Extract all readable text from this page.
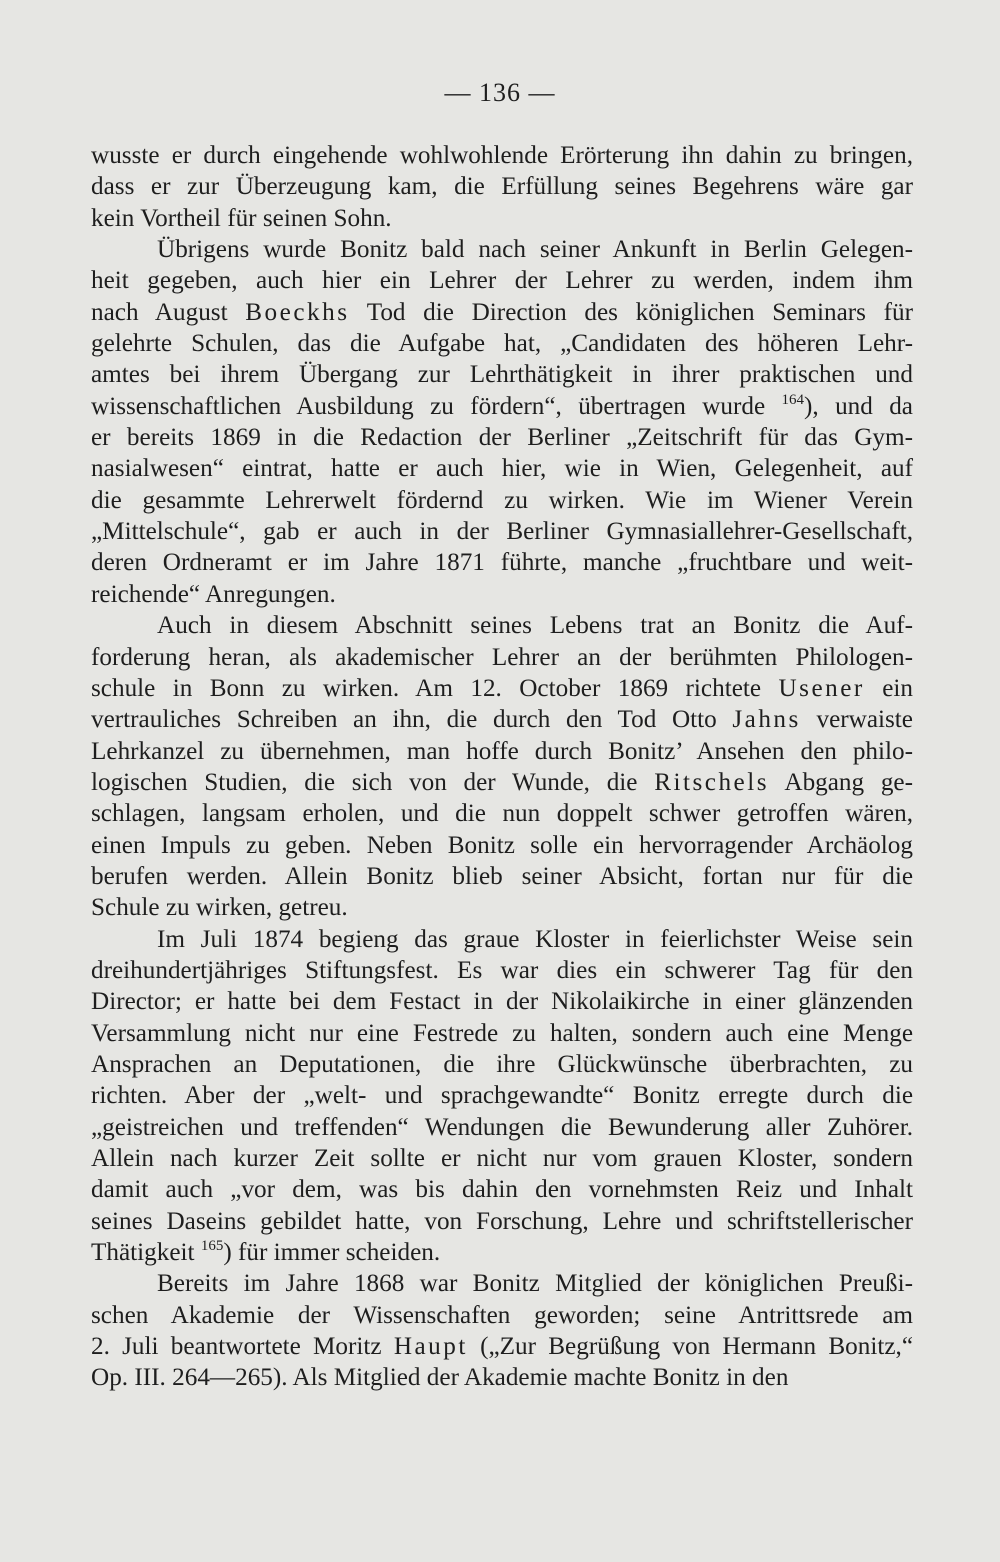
— 136 —
wusste er durch eingehende wohlwohlende Erörterung ihn dahin zu bringen,
dass er zur Überzeugung kam, die Erfüllung seines Begehrens wäre gar
kein Vortheil für seinen Sohn.
Übrigens wurde Bonitz bald nach seiner Ankunft in Berlin Gelegen-
heit gegeben, auch hier ein Lehrer der Lehrer zu werden, indem ihm
nach August Boeckhs Tod die Direction des königlichen Seminars für
gelehrte Schulen, das die Aufgabe hat, „Candidaten des höheren Lehr-
amtes bei ihrem Übergang zur Lehrthätigkeit in ihrer praktischen und
wissenschaftlichen Ausbildung zu fördern“, übertragen wurde $^{164}$), und da
er bereits 1869 in die Redaction der Berliner „Zeitschrift für das Gym-
nasialwesen“ eintrat, hatte er auch hier, wie in Wien, Gelegenheit, auf
die gesammte Lehrerwelt fördernd zu wirken. Wie im Wiener Verein
„Mittelschule“, gab er auch in der Berliner Gymnasiallehrer-Gesellschaft,
deren Ordneramt er im Jahre 1871 führte, manche „fruchtbare und weit-
reichende“ Anregungen.
Auch in diesem Abschnitt seines Lebens trat an Bonitz die Auf-
forderung heran, als akademischer Lehrer an der berühmten Philologen-
schule in Bonn zu wirken. Am 12. October 1869 richtete Usener ein
vertrauliches Schreiben an ihn, die durch den Tod Otto Jahns verwaiste
Lehrkanzel zu übernehmen, man hoffe durch Bonitz’ Ansehen den philo-
logischen Studien, die sich von der Wunde, die Ritschels Abgang ge-
schlagen, langsam erholen, und die nun doppelt schwer getroffen wären,
einen Impuls zu geben. Neben Bonitz solle ein hervorragender Archäolog
berufen werden. Allein Bonitz blieb seiner Absicht, fortan nur für die
Schule zu wirken, getreu.
Im Juli 1874 begieng das graue Kloster in feierlichster Weise sein
dreihundertjähriges Stiftungsfest. Es war dies ein schwerer Tag für den
Director; er hatte bei dem Festact in der Nikolaikirche in einer glänzenden
Versammlung nicht nur eine Festrede zu halten, sondern auch eine Menge
Ansprachen an Deputationen, die ihre Glückwünsche überbrachten, zu
richten. Aber der „welt- und sprachgewandte“ Bonitz erregte durch die
„geistreichen und treffenden“ Wendungen die Bewunderung aller Zuhörer.
Allein nach kurzer Zeit sollte er nicht nur vom grauen Kloster, sondern
damit auch „vor dem, was bis dahin den vornehmsten Reiz und Inhalt
seines Daseins gebildet hatte, von Forschung, Lehre und schriftstellerischer
Thätigkeit $^{165}$) für immer scheiden.
Bereits im Jahre 1868 war Bonitz Mitglied der königlichen Preußi-
schen Akademie der Wissenschaften geworden; seine Antrittsrede am
2. Juli beantwortete Moritz Haupt („Zur Begrüßung von Hermann Bonitz,“
Op. III. 264—265). Als Mitglied der Akademie machte Bonitz in den
